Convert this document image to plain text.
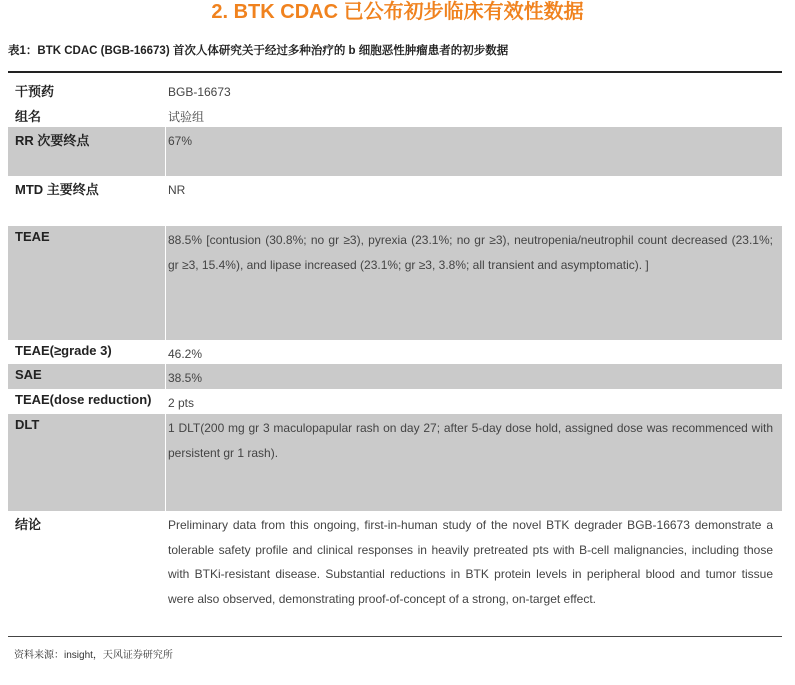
2. BTK CDAC 已公布初步临床有效性数据
表1：BTK CDAC (BGB-16673) 首次人体研究关于经过多种治疗的 b 细胞恶性肿瘤患者的初步数据
干预药	BGB-16673
组名	试验组
RR 次要终点	67%
MTD 主要终点	NR
TEAE	88.5% [contusion (30.8%; no gr ≥3), pyrexia (23.1%; no gr ≥3), neutropenia/neutrophil count decreased (23.1%; gr ≥3, 15.4%), and lipase increased (23.1%; gr ≥3, 3.8%; all transient and asymptomatic). ]
TEAE(≥grade 3)	46.2%
SAE	38.5%
TEAE(dose reduction) 2 pts
DLT	1 DLT(200 mg gr 3 maculopapular rash on day 27; after 5-day dose hold, assigned dose was recommenced with persistent gr 1 rash).
结论	Preliminary data from this ongoing, first-in-human study of the novel BTK degrader BGB-16673 demonstrate a tolerable safety profile and clinical responses in heavily pretreated pts with B-cell malignancies, including those with BTKi-resistant disease. Substantial reductions in BTK protein levels in peripheral blood and tumor tissue were also observed, demonstrating proof-of-concept of a strong, on-target effect.
资料来源：insight，天风证券研究所
